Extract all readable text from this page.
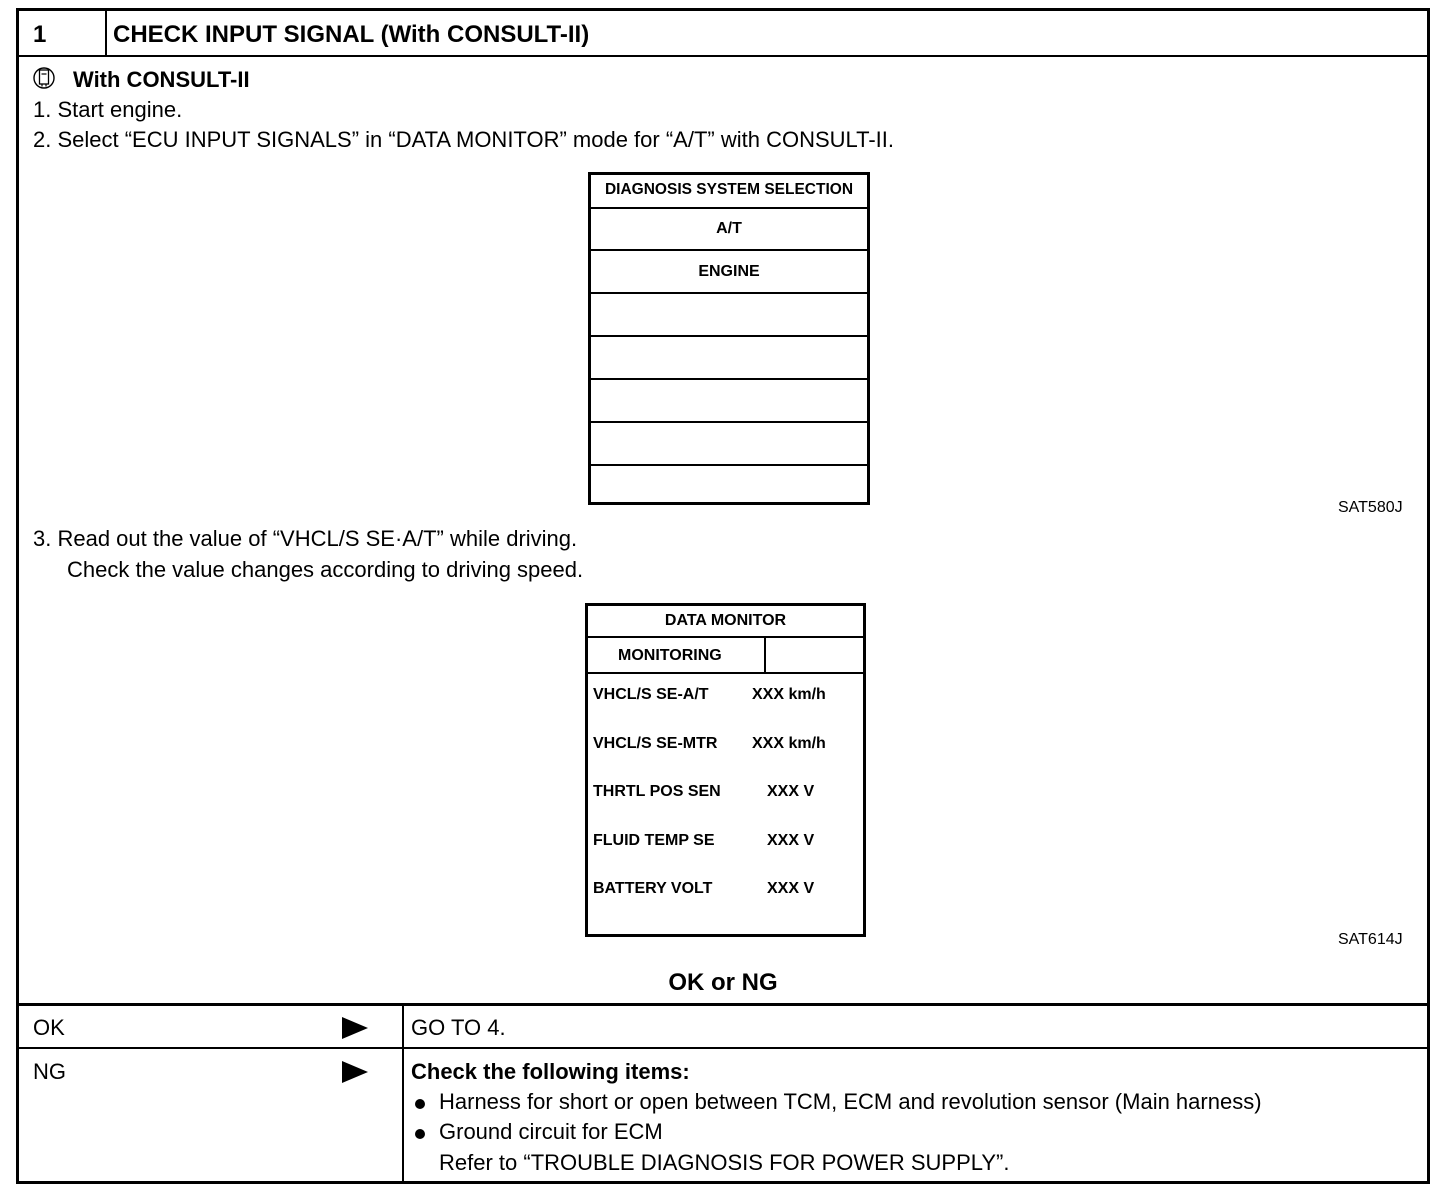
1	CHECK INPUT SIGNAL (With CONSULT-II)
With CONSULT-II
1. Start engine.
2. Select “ECU INPUT SIGNALS” in “DATA MONITOR” mode for “A/T” with CONSULT-II.
DIAGNOSIS SYSTEM SELECTION
A/T
ENGINE
SAT580J
3. Read out the value of “VHCL/S SE·A/T” while driving.
Check the value changes according to driving speed.
DATA MONITOR
MONITORING
VHCL/S SE-A/T	XXX km/h
VHCL/S SE-MTR XXX km/h
THRTL POS SEN	XXX V
FLUID TEMP SE	XXX V
BATTERY VOLT	XXX V
SAT614J
OK or NG
OK	GO TO 4.
NG	Check the following items:
Harness for short or open between TCM, ECM and revolution sensor (Main harness)
Ground circuit for ECM
Refer to “TROUBLE DIAGNOSIS FOR POWER SUPPLY”.
